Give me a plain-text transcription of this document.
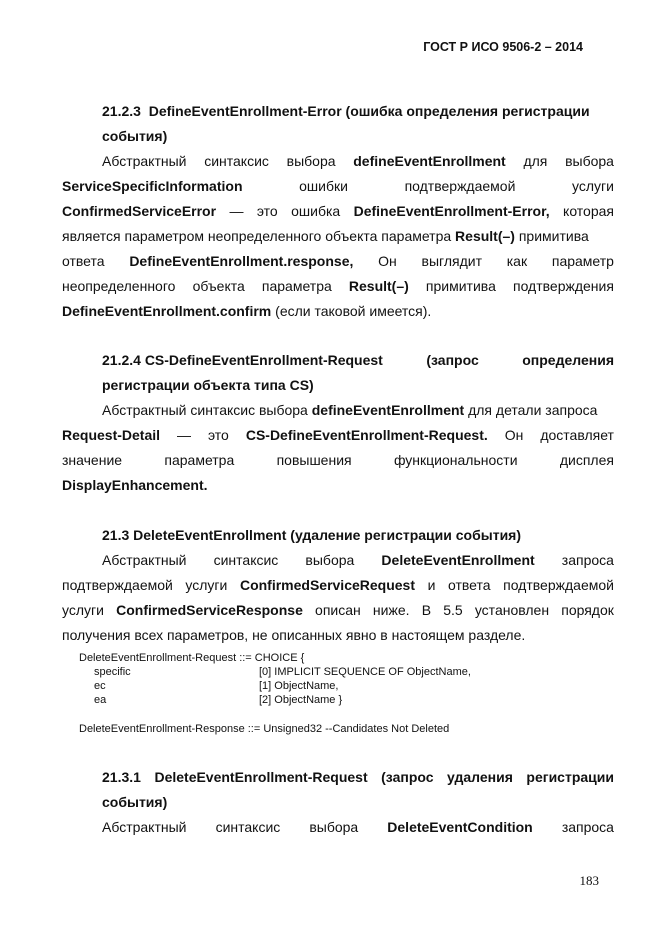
ГОСТ Р ИСО 9506-2 – 2014
21.2.3 DefineEventEnrollment-Error (ошибка определения регистрации
события)
Абстрактный синтаксис выбора defineEventEnrollment для выбора
ServiceSpecificInformation	ошибки	подтверждаемой	услуги
ConfirmedServiceError — это ошибка DefineEventEnrollment-Error, которая
является параметром неопределенного объекта параметра Result(–) примитива
ответа DefineEventEnrollment.response, Он выглядит как параметр
неопределенного объекта параметра Result(–) примитива подтверждения
DefineEventEnrollment.confirm (если таковой имеется).
21.2.4 CS-DefineEventEnrollment-Request	(запрос	определения
регистрации объекта типа CS)
Абстрактный синтаксис выбора defineEventEnrollment для детали запроса
Request-Detail — это CS-DefineEventEnrollment-Request. Он доставляет
значение	параметра	повышения	функциональности	дисплея
DisplayEnhancement.
21.3 DeleteEventEnrollment (удаление регистрации события)
Абстрактный синтаксис выбора DeleteEventEnrollment запроса
подтверждаемой услуги ConfirmedServiceRequest и ответа подтверждаемой
услуги ConfirmedServiceResponse описан ниже. В 5.5 установлен порядок
получения всех параметров, не описанных явно в настоящем разделе.
DeleteEventEnrollment-Request ::= CHOICE {
specific	[0] IMPLICIT SEQUENCE OF ObjectName,
ec	[1] ObjectName,
ea	[2] ObjectName }
DeleteEventEnrollment-Response ::= Unsigned32 --Candidates Not Deleted
21.3.1 DeleteEventEnrollment-Request (запрос удаления регистрации
события)
Абстрактный синтаксис выбора DeleteEventCondition запроса
183
